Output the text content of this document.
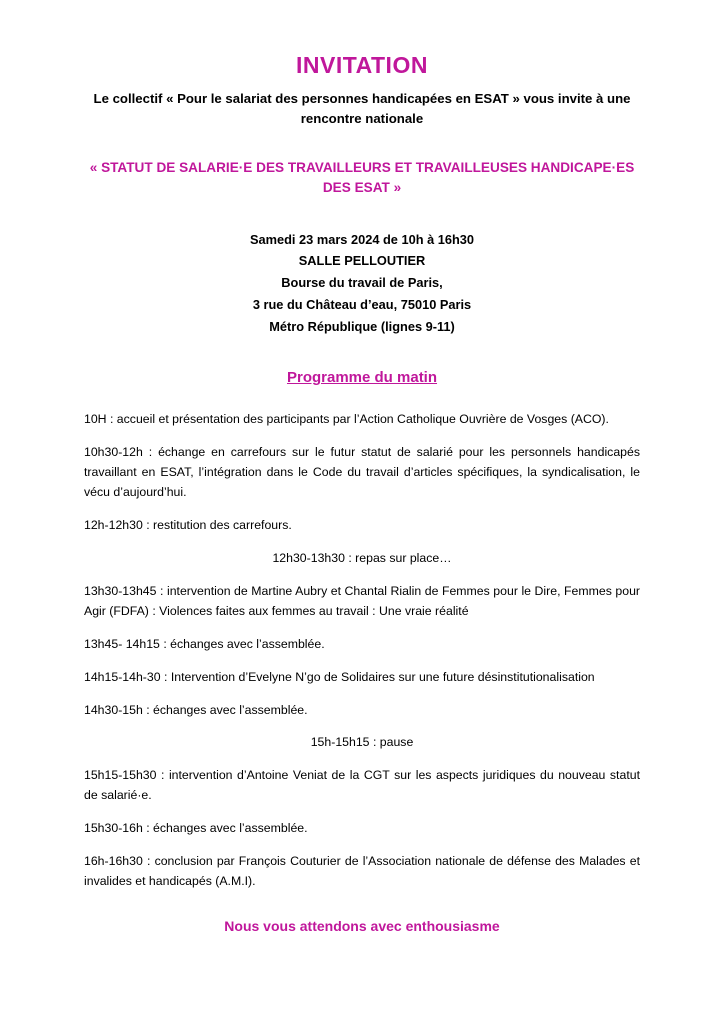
INVITATION

Le collectif « Pour le salariat des personnes handicapées en ESAT » vous invite à une rencontre nationale

« STATUT DE SALARIE·E DES TRAVAILLEURS ET TRAVAILLEUSES HANDICAPE·ES DES ESAT »

Samedi 23 mars 2024 de 10h à 16h30
SALLE PELLOUTIER
Bourse du travail de Paris,
3 rue du Château d’eau, 75010 Paris
Métro République (lignes 9-11)
Programme du matin

10H : accueil et présentation des participants par l’Action Catholique Ouvrière de Vosges (ACO).

10h30-12h : échange en carrefours sur le futur statut de salarié pour les personnels handicapés travaillant en ESAT, l’intégration dans le Code du travail d’articles spécifiques, la syndicalisation, le vécu d’aujourd’hui.

12h-12h30 : restitution des carrefours.

12h30-13h30 : repas sur place…

13h30-13h45 : intervention de Martine Aubry et Chantal Rialin de Femmes pour le Dire, Femmes pour Agir (FDFA) : Violences faites aux femmes au travail : Une vraie réalité

13h45- 14h15 : échanges avec l’assemblée.

14h15-14h-30 : Intervention d’Evelyne N’go de Solidaires sur une future désinstitutionalisation

14h30-15h : échanges avec l’assemblée.

15h-15h15 : pause

15h15-15h30 : intervention d’Antoine Veniat de la CGT sur les aspects juridiques du nouveau statut de salarié·e.

15h30-16h : échanges avec l’assemblée.

16h-16h30 : conclusion par François Couturier de l’Association nationale de défense des Malades et invalides et handicapés (A.M.I).

Nous vous attendons avec enthousiasme
